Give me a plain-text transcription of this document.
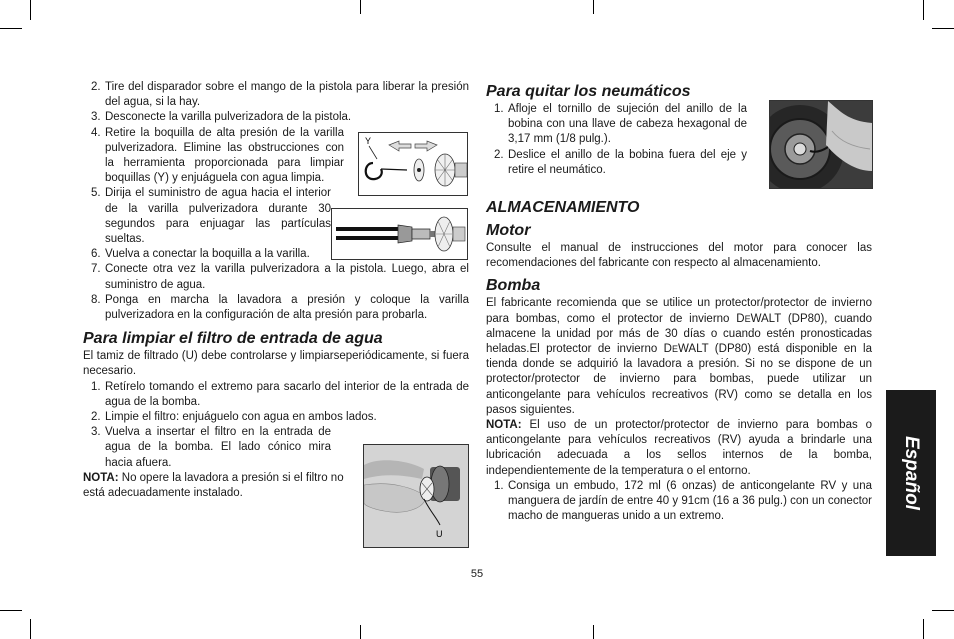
2. Tire del disparador sobre el mango de la pistola para liberar la presión del agua, si la hay.
3. Desconecte la varilla pulverizadora de la pistola.
4. Retire la boquilla de alta presión de la varilla pulverizadora. Elimine las obstrucciones con la herramienta proporcionada para limpiar boquillas (Y) y enjuáguela con agua limpia.
5. Dirija el suministro de agua hacia el interior de la varilla pulverizadora durante 30 segundos para enjuagar las partículas sueltas.
6. Vuelva a conectar la boquilla a la varilla.
7. Conecte otra vez la varilla pulverizadora a la pistola. Luego, abra el suministro de agua.
8. Ponga en marcha la lavadora a presión y coloque la varilla pulverizadora en la configuración de alta presión para probarla.
Para limpiar el filtro de entrada de agua

El tamiz de filtrado (U) debe controlarse y limpiarseperiódicamente, si fuera necesario.

1. Retírelo tomando el extremo para sacarlo del interior de la entrada de agua de la bomba.
2. Limpie el filtro: enjuáguelo con agua en ambos lados.
3. Vuelva a insertar el filtro en la entrada de agua de la bomba. El lado cónico mira hacia afuera.

NOTA: No opere la lavadora a presión si el filtro no está adecuadamente instalado.

Y
U
Para quitar los neumáticos
1. Afloje el tornillo de sujeción del anillo de la bobina con una llave de cabeza hexagonal de 3,17 mm (1/8 pulg.).
2. Deslice el anillo de la bobina fuera del eje y retire el neumático.
ALMACENAMIENTO
Motor

Consulte el manual de instrucciones del motor para conocer las recomendaciones del fabricante con respecto al almacenamiento.

Bomba

El fabricante recomienda que se utilice un protector/protector de invierno para bombas, como el protector de invierno DEWALT (DP80), cuando almacene la unidad por más de 30 días o cuando estén pronosticadas heladas.El protector de invierno DEWALT (DP80) está disponible en la tienda donde se adquirió la lavadora a presión. Si no se dispone de un protector/protector de invierno para bombas, puede utilizar un anticongelante para vehículos recreativos (RV) como se detalla en los pasos siguientes.

NOTA: El uso de un protector/protector de invierno para bombas o anticongelante para vehículos recreativos (RV) ayuda a brindarle una lubricación adecuada a los sellos internos de la bomba, independientemente de la temperatura o el entorno.

1. Consiga un embudo, 172 ml (6 onzas) de anticongelante RV y una manguera de jardín de entre 40 y 91cm (16 a 36 pulg.) con un conector macho de mangueras unido a un extremo.
Español
55
